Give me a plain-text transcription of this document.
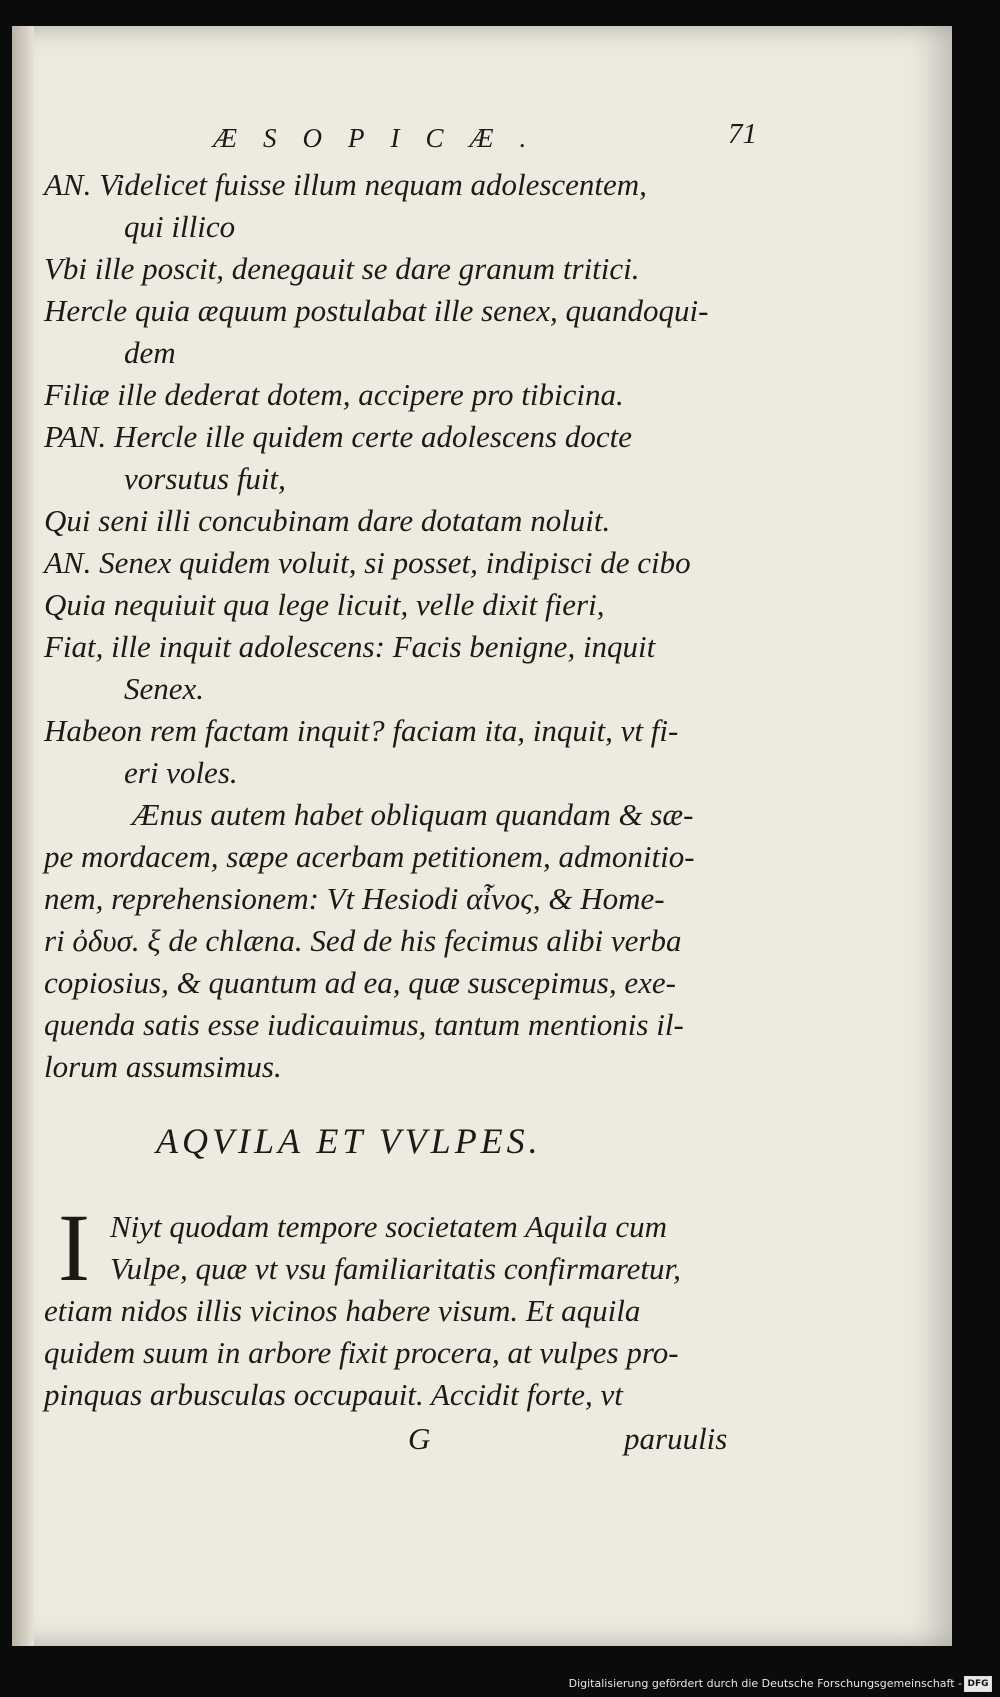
ÆSOPICÆ.	71
AN. Videlicet fuisse illum nequam adolescentem,
qui illico
Vbi ille poscit, denegauit se dare granum tritici.
Hercle quia æquum postulabat ille senex, quandoqui-
dem
Filiæ ille dederat dotem, accipere pro tibicina.
PAN. Hercle ille quidem certe adolescens docte
vorsutus fuit,
Qui seni illi concubinam dare dotatam noluit.
AN. Senex quidem voluit, si posset, indipisci de cibo
Quia nequiuit qua lege licuit, velle dixit fieri,
Fiat, ille inquit adolescens: Facis benigne, inquit
Senex.
Habeon rem factam inquit? faciam ita, inquit, vt fi-
eri voles.
Ænus autem habet obliquam quandam & sæ-
pe mordacem, sæpe acerbam petitionem, admonitio-
nem, reprehensionem: Vt Hesiodi αἶνος, & Home-
ri ὀδυσ. ξ de chlæna. Sed de his fecimus alibi verba
copiosius, & quantum ad ea, quæ suscepimus, exe-
quenda satis esse iudicauimus, tantum mentionis il-
lorum assumsimus.
AQVILA ET VVLPES.
I Niyt quodam tempore societatem Aquila cum
Vulpe, quæ vt vsu familiaritatis confirmaretur,
etiam nidos illis vicinos habere visum. Et aquila
quidem suum in arbore fixit procera, at vulpes pro-
pinquas arbusculas occupauit. Accidit forte, vt
G	paruulis
Digitalisierung gefördert durch die Deutsche Forschungsgemeinschaft - DFG
